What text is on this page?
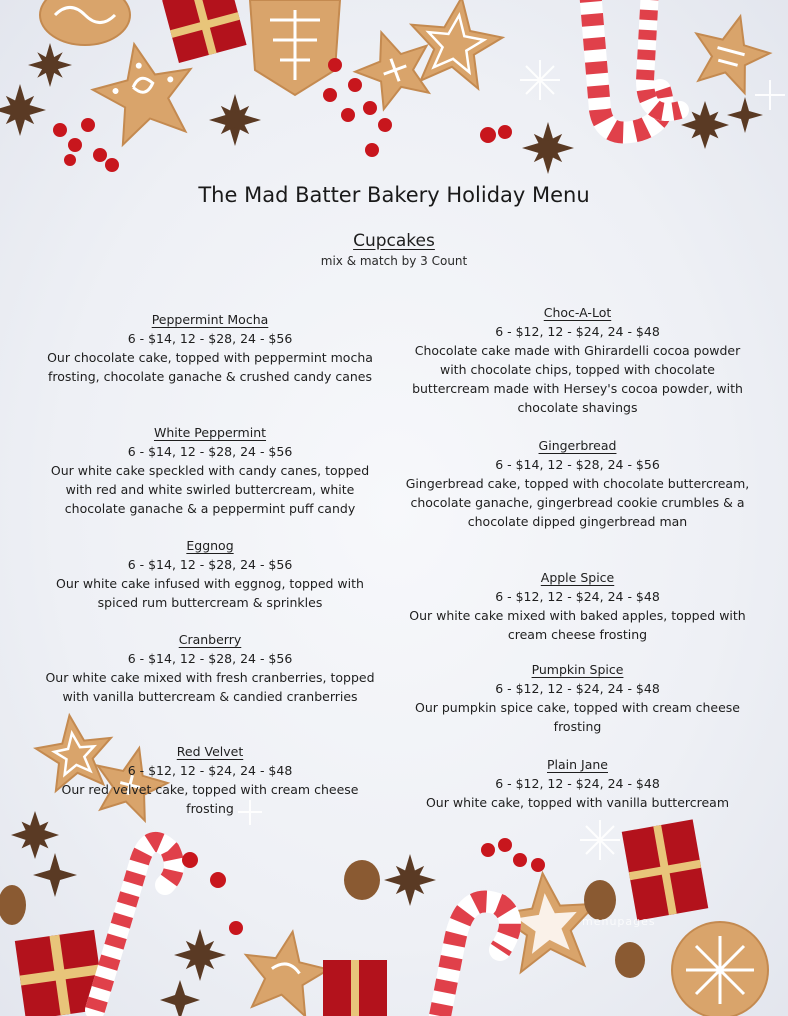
The Mad Batter Bakery Holiday Menu
Cupcakes
mix & match by 3 Count
Peppermint Mocha
6 - $14, 12 - $28, 24 - $56
Our chocolate cake, topped with peppermint mocha frosting, chocolate ganache & crushed candy canes
White Peppermint
6 - $14, 12 - $28, 24 - $56
Our white cake speckled with candy canes, topped with red and white swirled buttercream, white chocolate ganache & a peppermint puff candy
Eggnog
6 - $14, 12 - $28, 24 - $56
Our white cake infused with eggnog, topped with spiced rum buttercream & sprinkles
Cranberry
6 - $14, 12 - $28, 24 - $56
Our white cake mixed with fresh cranberries, topped with vanilla buttercream & candied cranberries
Red Velvet
6 - $12, 12 - $24, 24 - $48
Our red velvet cake, topped with cream cheese frosting
Choc-A-Lot
6 - $12, 12 - $24, 24 - $48
Chocolate cake made with Ghirardelli cocoa powder with chocolate chips, topped with chocolate buttercream made with Hersey's cocoa powder, with chocolate shavings
Gingerbread
6 - $14, 12 - $28, 24 - $56
Gingerbread cake, topped with chocolate buttercream, chocolate ganache, gingerbread cookie crumbles & a chocolate dipped gingerbread man
Apple Spice
6 - $12, 12 - $24, 24 - $48
Our white cake mixed with baked apples, topped with cream cheese frosting
Pumpkin Spice
6 - $12, 12 - $24, 24 - $48
Our pumpkin spice cake, topped with cream cheese frosting
Plain Jane
6 - $12, 12 - $24, 24 - $48
Our white cake, topped with vanilla buttercream
menupages
